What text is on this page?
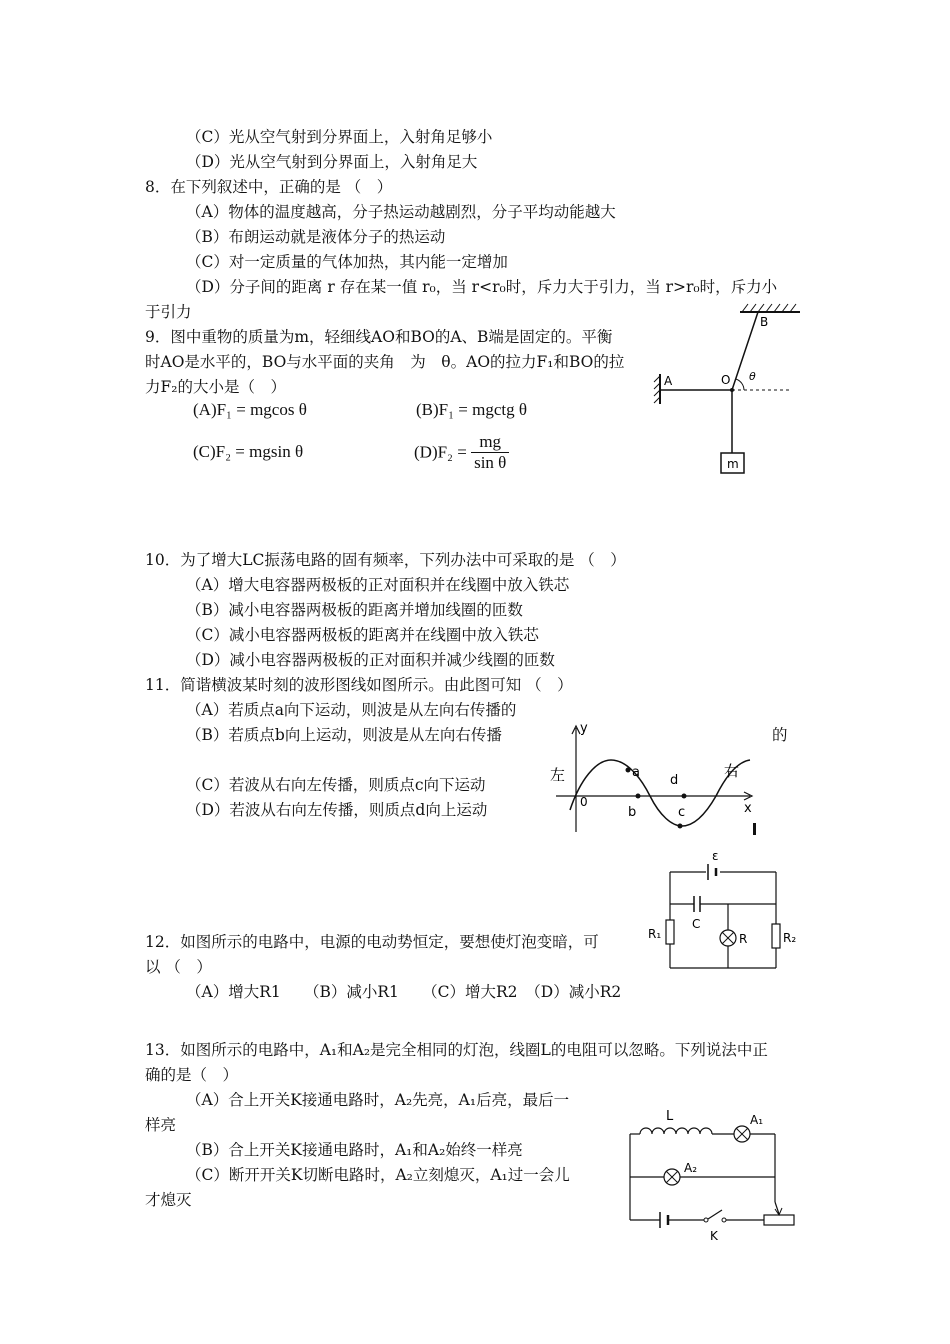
（C）光从空气射到分界面上，入射角足够小
（D）光从空气射到分界面上，入射角足大
8．在下列叙述中，正确的是 （　）
（A）物体的温度越高，分子热运动越剧烈，分子平均动能越大
（B）布朗运动就是液体分子的热运动
（C）对一定质量的气体加热，其内能一定增加
（D）分子间的距离 r 存在某一值 r₀，当 r<r₀时，斥力大于引力，当 r>r₀时，斥力小
于引力
9．图中重物的质量为m，轻细线AO和BO的A、B端是固定的。平衡
时AO是水平的，BO与水平面的夹角　为　θ。AO的拉力F₁和BO的拉
力F₂的大小是（　）
(A)F₁ = mgcos θ	(B)F₁ = mgctg θ
(C)F₂ = mgsin θ	$(D)F_2 = \frac{mg}{\text{sin θ}}$
A
B
O θ
m
10．为了增大LC振荡电路的固有频率，下列办法中可采取的是 （　）
（A）增大电容器两极板的正对面积并在线圈中放入铁芯
（B）减小电容器两极板的距离并增加线圈的匝数
（C）减小电容器两极板的距离并在线圈中放入铁芯
（D）减小电容器两极板的正对面积并减少线圈的匝数
11．简谐横波某时刻的波形图线如图所示。由此图可知 （　）
（A）若质点a向下运动，则波是从左向右传播的
（B）若质点b向上运动，则波是从左向右传播	的
（C）若波从右向左传播，则质点c向下运动
（D）若波从右向左传播，则质点d向上运动
y
x
0
左	右
a
b	c
d
12．如图所示的电路中，电源的电动势恒定，要想使灯泡变暗，可
以 （　）
（A）增大R1　　（B）减小R1　　（C）增大R2　（D）减小R2
ε
C
R
R₁	R₂
13．如图所示的电路中，A₁和A₂是完全相同的灯泡，线圈L的电阻可以忽略。下列说法中正
确的是（　）
（A）合上开关K接通电路时，A₂先亮，A₁后亮，最后一
样亮
（B）合上开关K接通电路时，A₁和A₂始终一样亮
（C）断开开关K切断电路时，A₂立刻熄灭，A₁过一会儿
才熄灭
L	A₁
A₂
K
